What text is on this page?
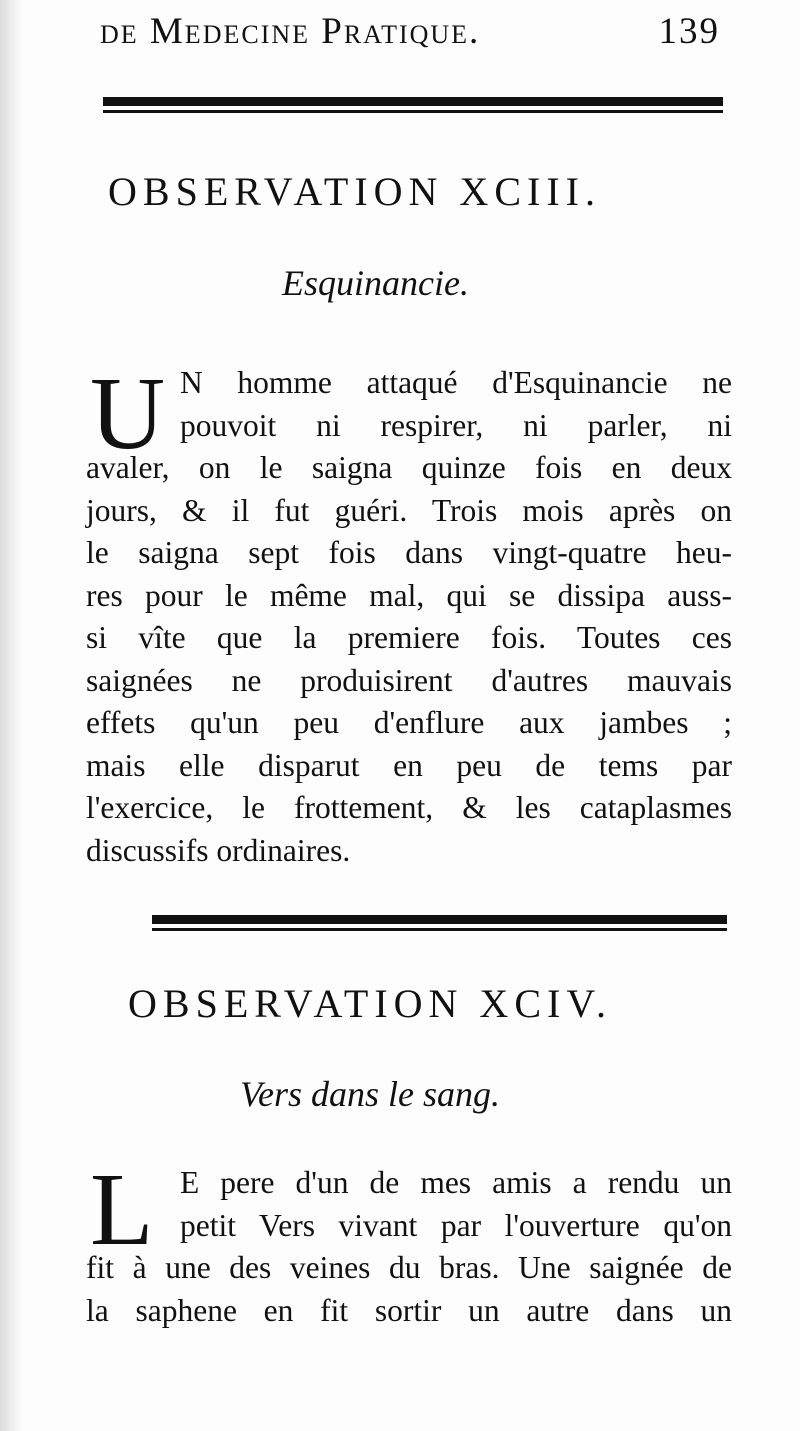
de Medecine Pratique.	139
OBSERVATION XCIII.
Esquinancie.
U N homme attaqué d'Esquinancie ne
pouvoit ni respirer, ni parler, ni
avaler, on le saigna quinze fois en deux
jours, & il fut guéri. Trois mois après on
le saigna sept fois dans vingt-quatre heu-
res pour le même mal, qui se dissipa auss-
si vîte que la premiere fois. Toutes ces
saignées ne produisirent d'autres mauvais
effets qu'un peu d'enflure aux jambes ;
mais elle disparut en peu de tems par
l'exercice, le frottement, & les cataplasmes
discussifs ordinaires.
OBSERVATION XCIV.
Vers dans le sang.
L E pere d'un de mes amis a rendu un
petit Vers vivant par l'ouverture qu'on
fit à une des veines du bras. Une saignée de
la saphene en fit sortir un autre dans un
